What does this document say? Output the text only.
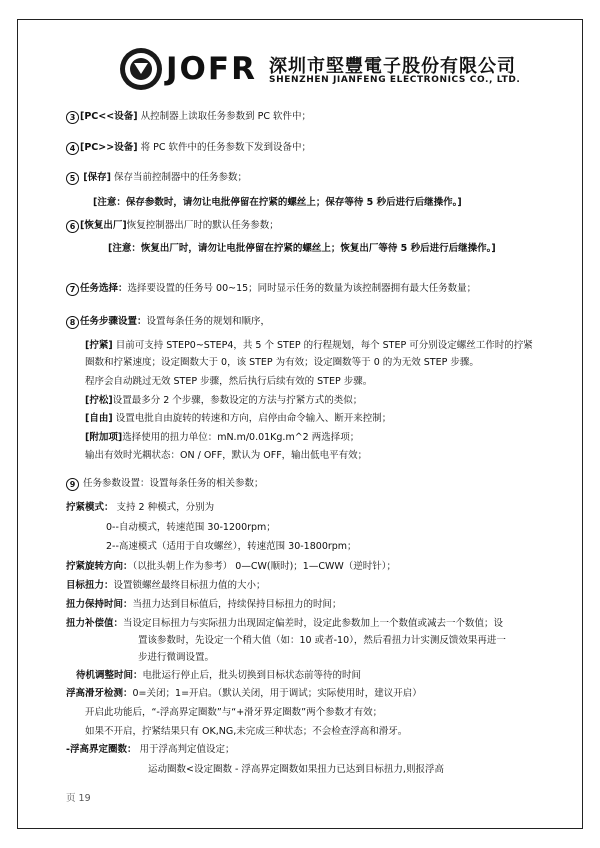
JOFR 深圳市堅豐電子股份有限公司
SHENZHEN JIANFENG ELECTRONICS CO., LTD.
3 [PC<<设备] 从控制器上读取任务参数到 PC 软件中；
4 [PC>>设备] 将 PC 软件中的任务参数下发到设备中；
5 [保存] 保存当前控制器中的任务参数；
[注意：保存参数时，请勿让电批停留在拧紧的螺丝上；保存等待 5 秒后进行后继操作。]
6 [恢复出厂]恢复控制器出厂时的默认任务参数；
[注意：恢复出厂时，请勿让电批停留在拧紧的螺丝上；恢复出厂等待 5 秒后进行后继操作。]
7 任务选择：选择要设置的任务号 00~15；同时显示任务的数量为该控制器拥有最大任务数量；
8 任务步骤设置：设置每条任务的规划和顺序，
[拧紧] 目前可支持 STEP0~STEP4，共 5 个 STEP 的行程规划，每个 STEP 可分别设定螺丝工作时的拧紧
圈数和拧紧速度；设定圈数大于 0，该 STEP 为有效；设定圈数等于 0 的为无效 STEP 步骤。
程序会自动跳过无效 STEP 步骤，然后执行后续有效的 STEP 步骤。
[拧松]设置最多分 2 个步骤，参数设定的方法与拧紧方式的类似；
[自由] 设置电批自由旋转的转速和方向，启停由命令输入、断开来控制；
[附加项]选择使用的扭力单位：mN.m/0.01Kg.m^2 两选择项；
输出有效时光耦状态：ON / OFF，默认为 OFF，输出低电平有效；
9 任务参数设置：设置每条任务的相关参数；
拧紧模式： 支持 2 种模式，分别为
0--自动模式，转速范围 30-1200rpm；
2--高速模式（适用于自攻螺丝），转速范围 30-1800rpm；
拧紧旋转方向：（以批头朝上作为参考） 0—CW(顺时)；1—CWW（逆时针）；
目标扭力：设置锁螺丝最终目标扭力值的大小；
扭力保持时间：当扭力达到目标值后，持续保持目标扭力的时间；
扭力补偿值：当设定目标扭力与实际扭力出现固定偏差时，设定此参数加上一个数值或减去一个数值；设
置该参数时，先设定一个稍大值（如：10 或者-10），然后看扭力计实测反馈效果再进一
步进行微调设置。
待机调整时间：电批运行停止后，批头切换到目标状态前等待的时间
浮高滑牙检测：0=关闭；1=开启。（默认关闭，用于调试；实际使用时，建议开启）
开启此功能后，“-浮高界定圈数”与“+滑牙界定圈数”两个参数才有效；
如果不开启，拧紧结果只有 OK,NG,未完成三种状态；不会检查浮高和滑牙。
-浮高界定圈数： 用于浮高判定值设定；
运动圈数<设定圈数 - 浮高界定圈数如果扭力已达到目标扭力,则报浮高
页 19
